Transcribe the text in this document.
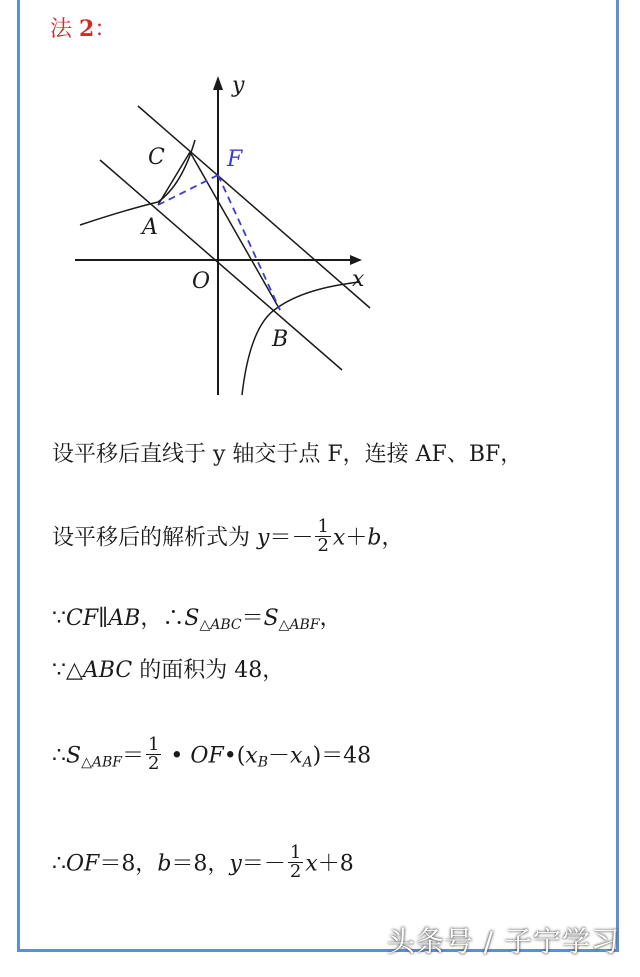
法 2：
y
x
O
C	F
A
B
设平移后直线于 y 轴交于点 F，连接 AF、BF，
设平移后的解析式为 $y=- \frac{1}{2} x+b$，
∵CF∥AB，$\therefore S_{\triangle ABC}=S_{\triangle ABF}$，
∵△ABC 的面积为 48，
$\therefore S_{\triangle ABF}= \frac{1}{2}$ • $OF•(x_B-x_A)=48$
∴OF＝8，b＝8，$y=- \frac{1}{2} x+8$
头条号 / 子宁学习
